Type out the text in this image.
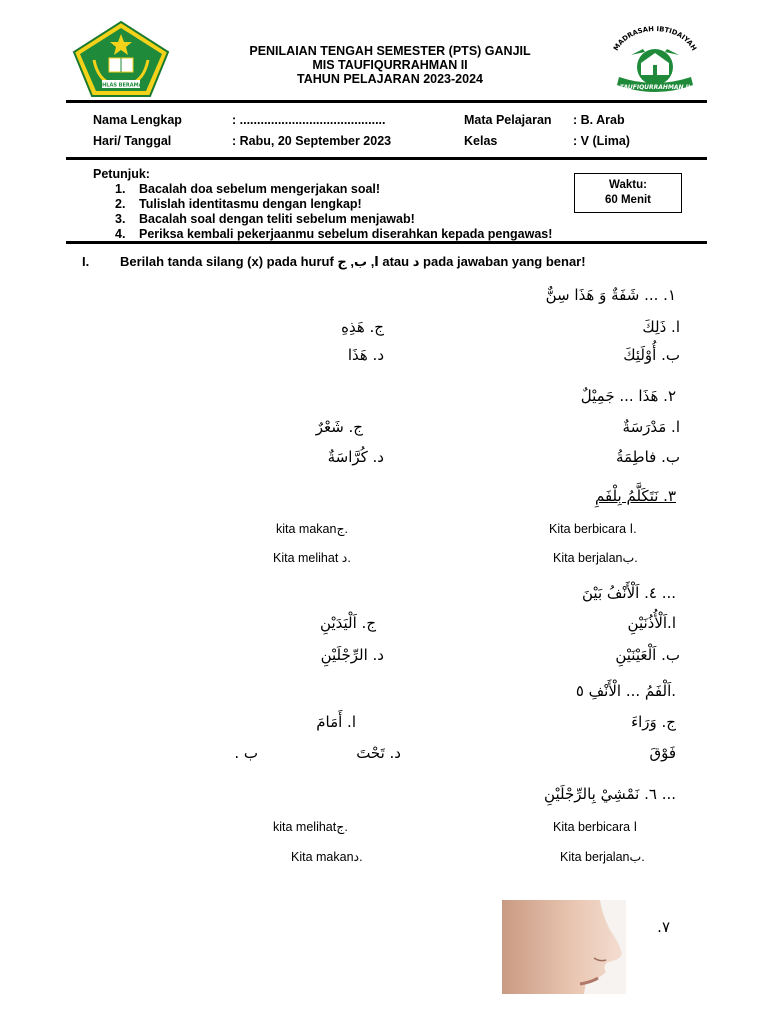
IKHLAS BERAMAL
PENILAIAN TENGAH SEMESTER (PTS) GANJIL
MIS TAUFIQURRAHMAN II
TAHUN PELAJARAN 2023-2024
MADRASAH IBTIDAIYAH
TAUFIQURRAHMAN II
Nama Lengkap	: ..........................................
Hari/ Tanggal	: Rabu, 20 September 2023
Mata Pelajaran : B. Arab
Kelas	: V (Lima)
Petunjuk:
1. Bacalah doa sebelum mengerjakan soal!
2. Tulislah identitasmu dengan lengkap!
3. Bacalah soal dengan teliti sebelum menjawab!
4. Periksa kembali pekerjaanmu sebelum diserahkan kepada pengawas!
Waktu:
60 Menit
I. Berilah tanda silang (x) pada huruf ا, ب, ج atau د pada jawaban yang benar!
١. ... شَفَةٌ وَ هَذَا سِنٌّ
ا. ذَلِكَ
ب. أُوْلَئِكَ
ج. هَذِهِ
د. هَذَا
٢. هَذَا ... جَمِيْلٌ
ا. مَدْرَسَةٌ
ب. فاطِمَةُ
ج. شَعْرٌ
د. كُرَّاسَةٌ
٣. نَتَكَلَّمُ بِلْفَمِ
Kita berbicara ا.
Kita berjalanب.
kita makanج.
Kita melihat د.
... ٤. اَلْأَنْفُ بَيْنَ
ا.اَلْأُذُنَيْنِ
ب. اَلْعَيْنَيْنِ
ج. اَلْيَدَيْنِ
د. الرِّجْلَيْنِ
.اَلْفَمُ ... الْأَنْفِ ٥
ج. وَرَاءَ
فَوْقَ
ا. أَمَامَ
د. تَحْتَ
ب .
... ٦. نَمْشِيْ بِالرِّجْلَيْنِ
Kita berbicara ا
Kita berjalanب.
kita melihatج.
Kita makanد.
٧.
